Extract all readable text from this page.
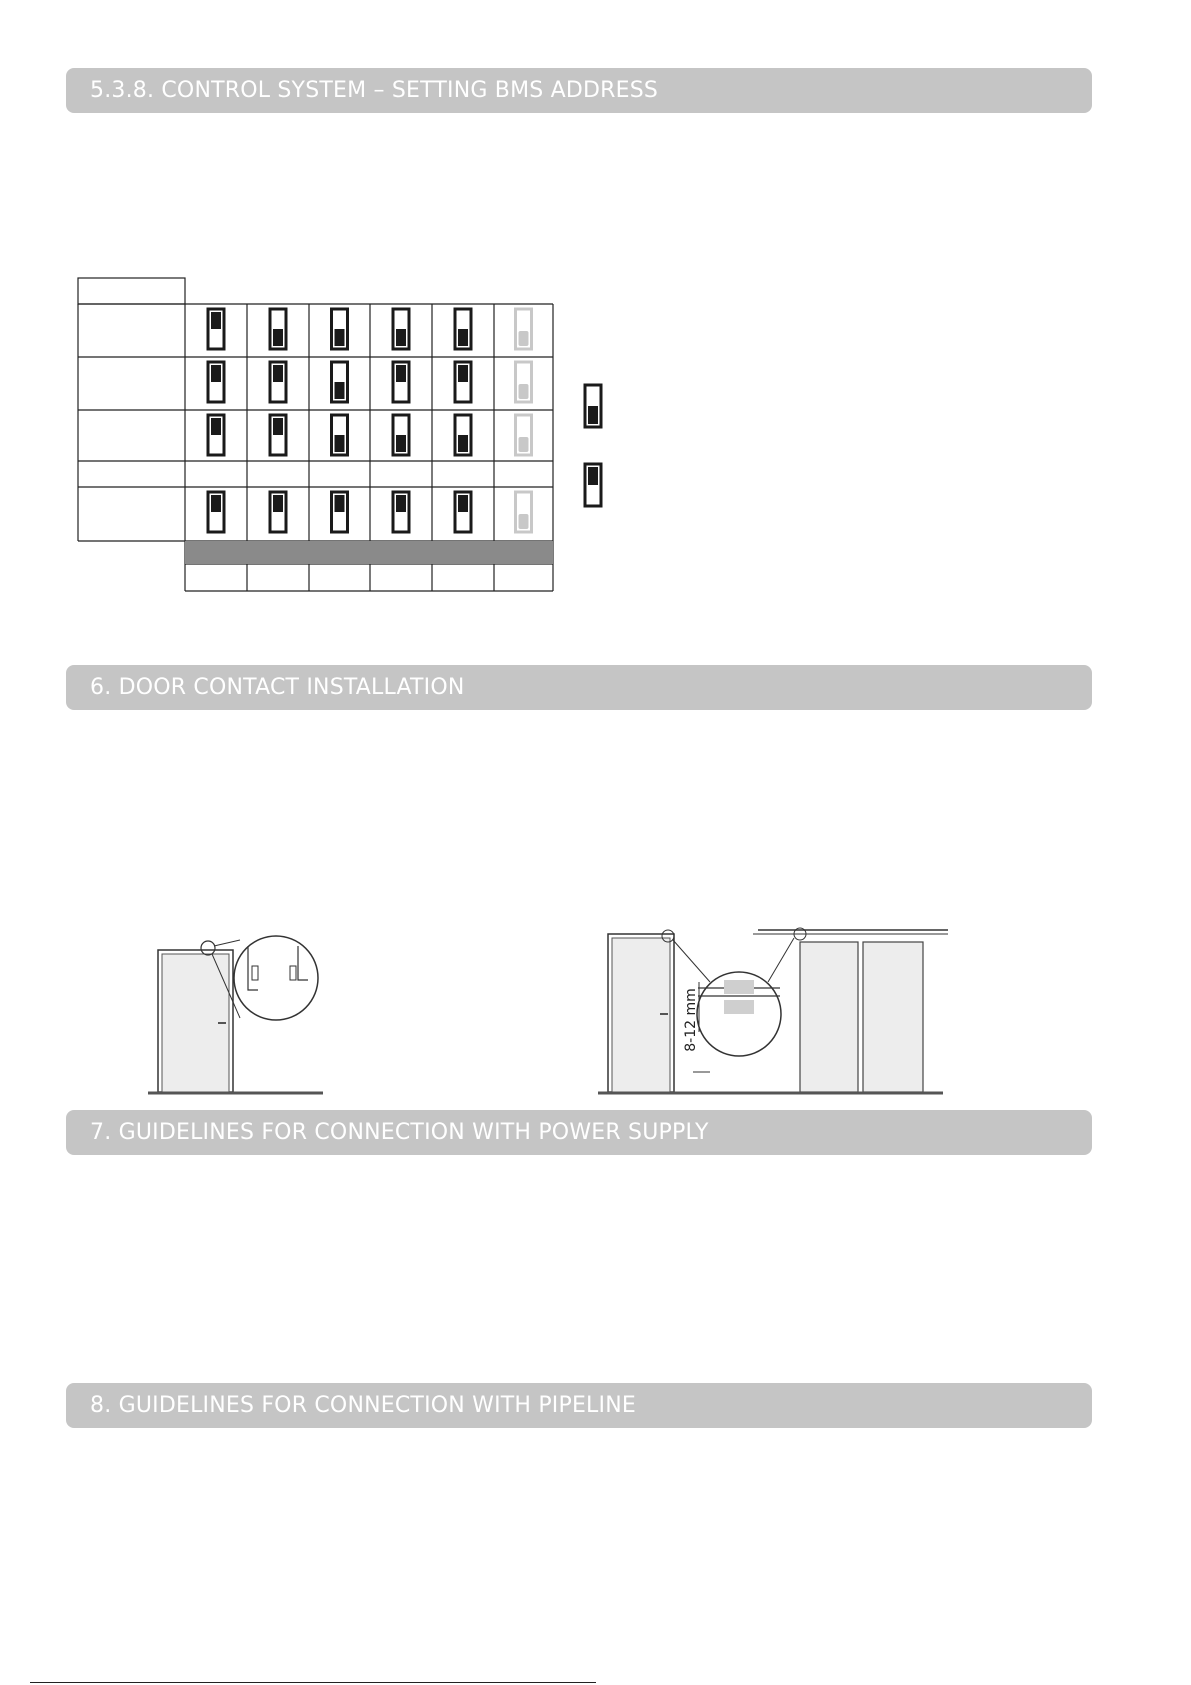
5.3.8. CONTROL SYSTEM – SETTING BMS ADDRESS
6. DOOR CONTACT INSTALLATION
7. GUIDELINES FOR CONNECTION WITH POWER SUPPLY
8. GUIDELINES FOR CONNECTION WITH PIPELINE
8-12 mm
